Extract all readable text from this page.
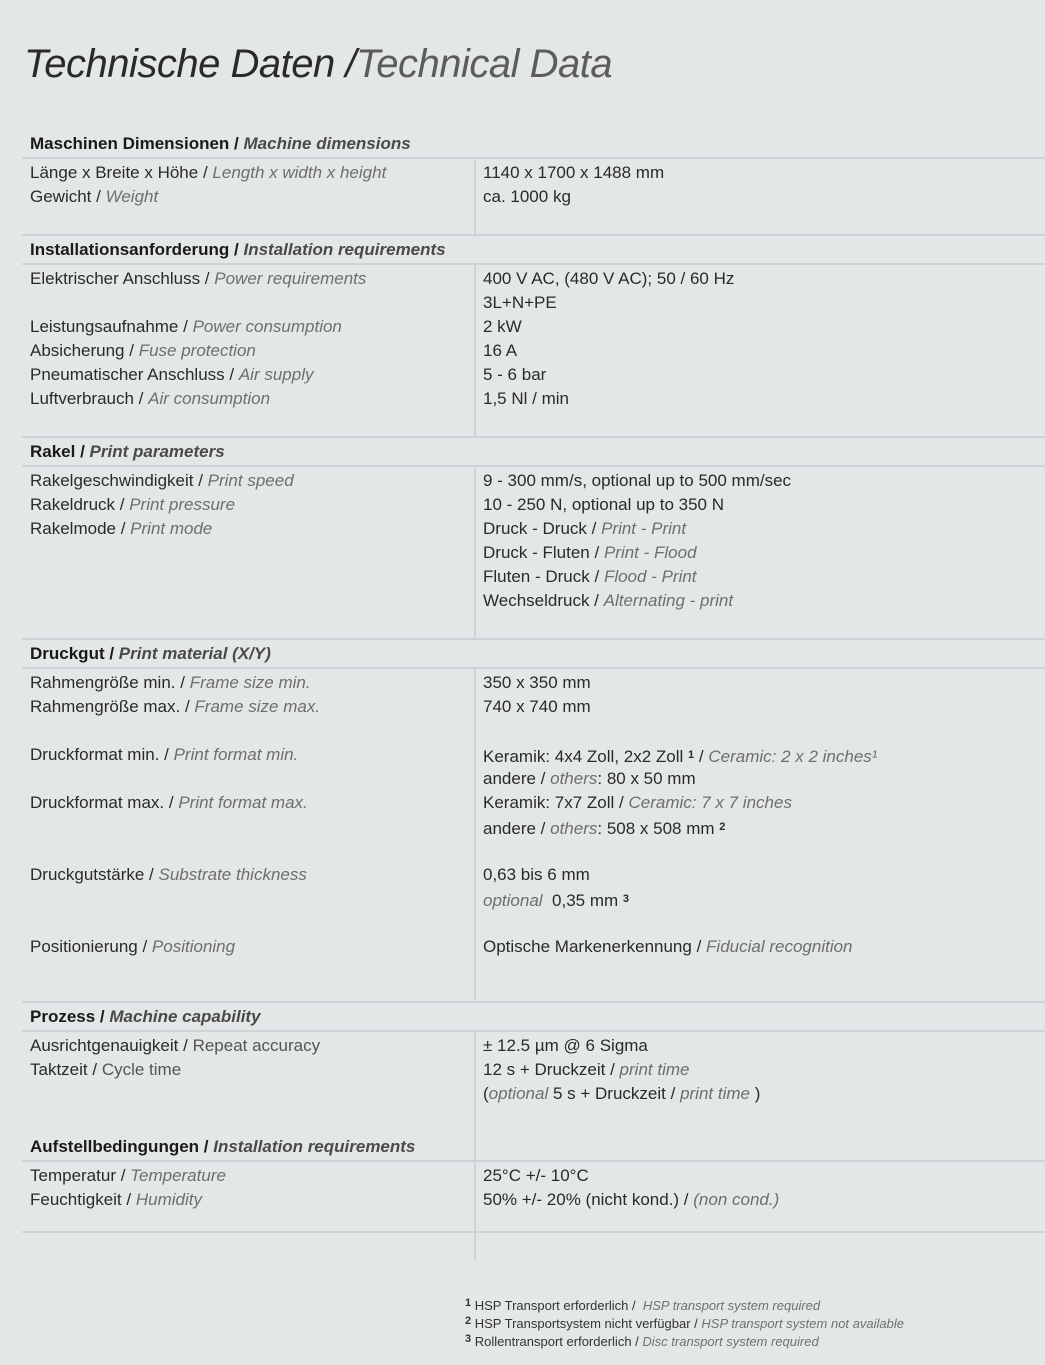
Technische Daten /Technical Data
Maschinen Dimensionen / Machine dimensions
Länge x Breite x Höhe / Length x width x height	1140 x 1700 x 1488 mm
Gewicht / Weight	ca. 1000 kg
Installationsanforderung / Installation requirements
Elektrischer Anschluss / Power requirements	400 V AC, (480 V AC); 50 / 60 Hz
3L+N+PE
Leistungsaufnahme / Power consumption	2 kW
Absicherung / Fuse protection	16 A
Pneumatischer Anschluss / Air supply	5 - 6 bar
Luftverbrauch / Air consumption	1,5 Nl / min
Rakel / Print parameters
Rakelgeschwindigkeit / Print speed	9 - 300 mm/s, optional up to 500 mm/sec
Rakeldruck / Print pressure	10 - 250 N, optional up to 350 N
Rakelmode / Print mode	Druck - Druck / Print - Print
Druck - Fluten / Print - Flood
Fluten - Druck / Flood - Print
Wechseldruck / Alternating - print
Druckgut / Print material (X/Y)
Rahmengröße min. / Frame size min.	350 x 350 mm
Rahmengröße max. / Frame size max.	740 x 740 mm
Druckformat min. / Print format min.	Keramik: 4x4 Zoll, 2x2 Zoll $^1$ / Ceramic: 2 x 2 inches¹
andere / others: 80 x 50 mm
Druckformat max. / Print format max.	Keramik: 7x7 Zoll / Ceramic: 7 x 7 inches
andere / others: 508 x 508 mm $^2$
Druckgutstärke / Substrate thickness	0,63 bis 6 mm
optional 0,35 mm $^3$
Positionierung / Positioning	Optische Markenerkennung / Fiducial recognition
Prozess / Machine capability
Ausrichtgenauigkeit / Repeat accuracy	± 12.5 µm @ 6 Sigma
Taktzeit / Cycle time	12 s + Druckzeit / print time
(optional 5 s + Druckzeit / print time )
Aufstellbedingungen / Installation requirements
Temperatur / Temperature	25°C +/- 10°C
Feuchtigkeit / Humidity	50% +/- 20% (nicht kond.) / (non cond.)
$^1$ HSP Transport erforderlich / HSP transport system required
$^2$ HSP Transportsystem nicht verfügbar / HSP transport system not available
$^3$ Rollentransport erforderlich / Disc transport system required
